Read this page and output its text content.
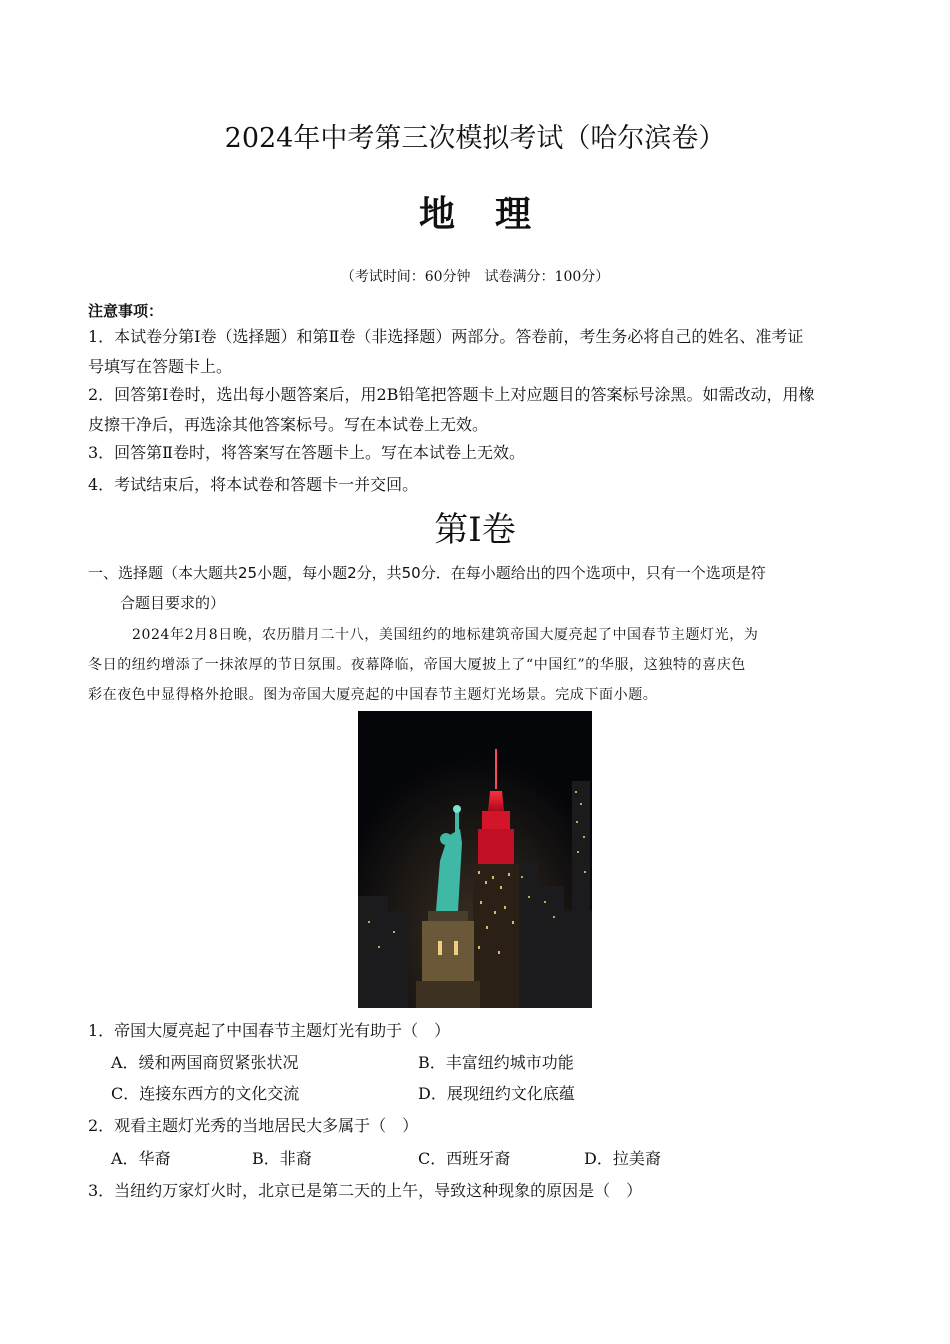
2024年中考第三次模拟考试（哈尔滨卷）
地理
（考试时间：60分钟　试卷满分：100分）
注意事项：
1．本试卷分第Ⅰ卷（选择题）和第Ⅱ卷（非选择题）两部分。答卷前，考生务必将自己的姓名、准考证
号填写在答题卡上。
2．回答第Ⅰ卷时，选出每小题答案后，用2B铅笔把答题卡上对应题目的答案标号涂黑。如需改动，用橡
皮擦干净后，再选涂其他答案标号。写在本试卷上无效。
3．回答第Ⅱ卷时，将答案写在答题卡上。写在本试卷上无效。
4．考试结束后，将本试卷和答题卡一并交回。
第Ⅰ卷
一、选择题（本大题共25小题，每小题2分，共50分．在每小题给出的四个选项中，只有一个选项是符
合题目要求的）
2024年2月8日晚，农历腊月二十八，美国纽约的地标建筑帝国大厦亮起了中国春节主题灯光，为
冬日的纽约增添了一抹浓厚的节日氛围。夜幕降临，帝国大厦披上了“中国红”的华服，这独特的喜庆色
彩在夜色中显得格外抢眼。图为帝国大厦亮起的中国春节主题灯光场景。完成下面小题。
1．帝国大厦亮起了中国春节主题灯光有助于（　）
A．缓和两国商贸紧张状况	B．丰富纽约城市功能
C．连接东西方的文化交流	D．展现纽约文化底蕴
2．观看主题灯光秀的当地居民大多属于（　）
A．华裔	B．非裔	C．西班牙裔	D．拉美裔
3．当纽约万家灯火时，北京已是第二天的上午，导致这种现象的原因是（　）
